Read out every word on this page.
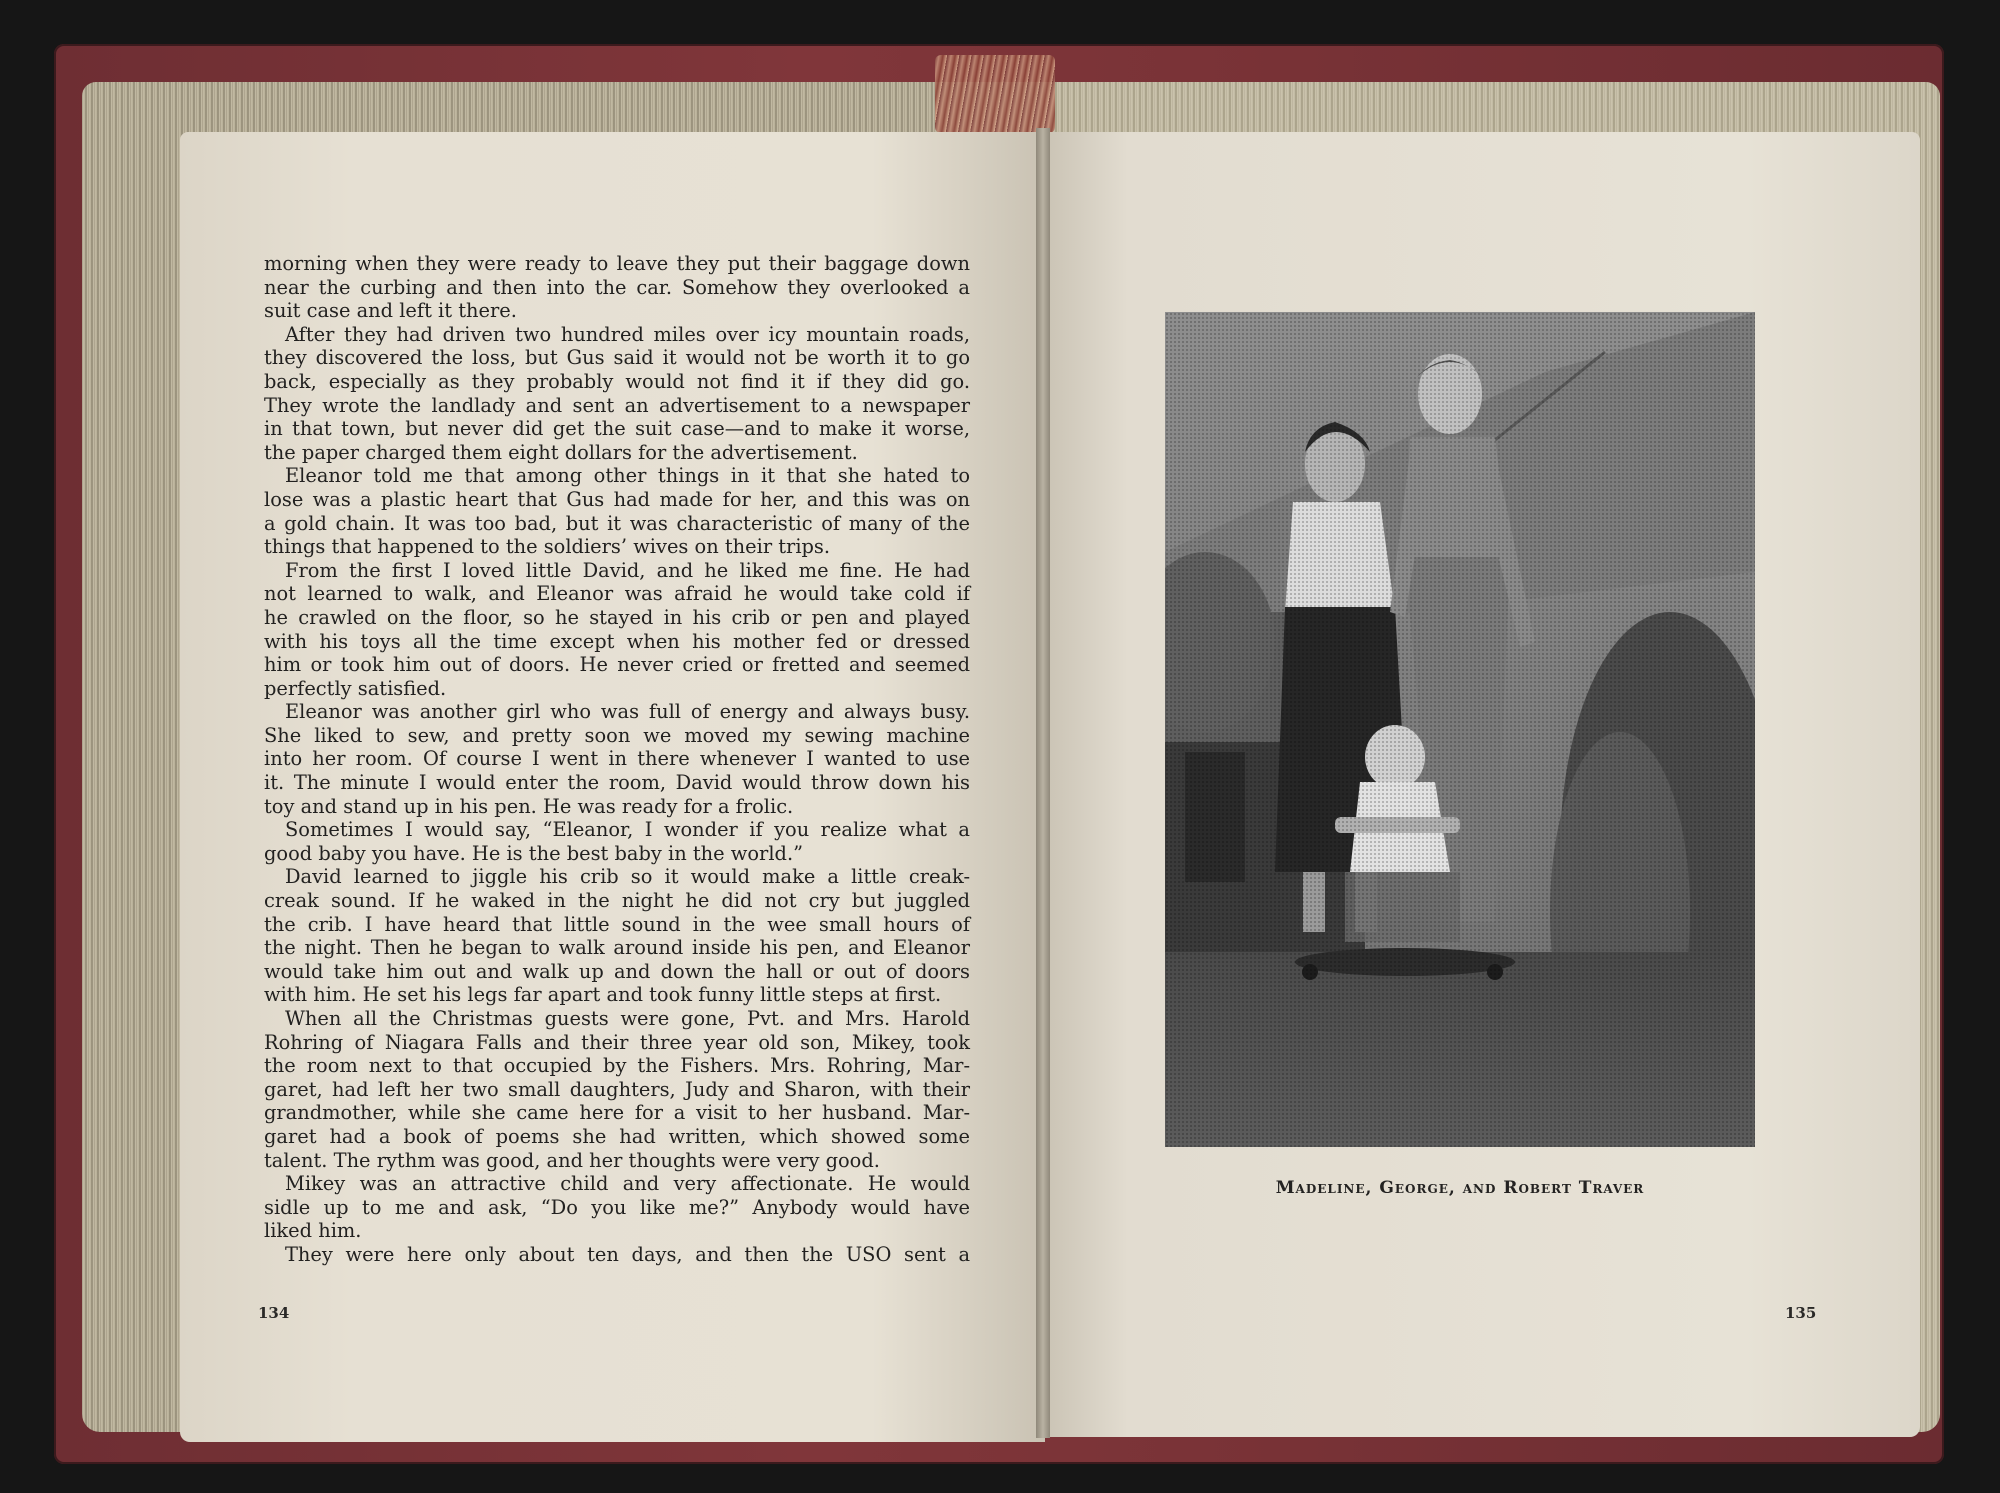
morning when they were ready to leave they put their baggage down
near the curbing and then into the car. Somehow they overlooked a
suit case and left it there.
After they had driven two hundred miles over icy mountain roads,
they discovered the loss, but Gus said it would not be worth it to go
back, especially as they probably would not find it if they did go.
They wrote the landlady and sent an advertisement to a newspaper
in that town, but never did get the suit case—and to make it worse,
the paper charged them eight dollars for the advertisement.
Eleanor told me that among other things in it that she hated to
lose was a plastic heart that Gus had made for her, and this was on
a gold chain. It was too bad, but it was characteristic of many of the
things that happened to the soldiers’ wives on their trips.
From the first I loved little David, and he liked me fine. He had
not learned to walk, and Eleanor was afraid he would take cold if
he crawled on the floor, so he stayed in his crib or pen and played
with his toys all the time except when his mother fed or dressed
him or took him out of doors. He never cried or fretted and seemed
perfectly satisfied.
Eleanor was another girl who was full of energy and always busy.
She liked to sew, and pretty soon we moved my sewing machine
into her room. Of course I went in there whenever I wanted to use
it. The minute I would enter the room, David would throw down his
toy and stand up in his pen. He was ready for a frolic.
Sometimes I would say, “Eleanor, I wonder if you realize what a
good baby you have. He is the best baby in the world.”
David learned to jiggle his crib so it would make a little creak-
creak sound. If he waked in the night he did not cry but juggled
the crib. I have heard that little sound in the wee small hours of
the night. Then he began to walk around inside his pen, and Eleanor
would take him out and walk up and down the hall or out of doors
with him. He set his legs far apart and took funny little steps at first.
When all the Christmas guests were gone, Pvt. and Mrs. Harold
Rohring of Niagara Falls and their three year old son, Mikey, took
the room next to that occupied by the Fishers. Mrs. Rohring, Mar-
garet, had left her two small daughters, Judy and Sharon, with their
grandmother, while she came here for a visit to her husband. Mar-
garet had a book of poems she had written, which showed some
talent. The rythm was good, and her thoughts were very good.
Mikey was an attractive child and very affectionate. He would
sidle up to me and ask, “Do you like me?” Anybody would have
liked him.
They were here only about ten days, and then the USO sent a
134
Madeline, George, and Robert Traver
135
